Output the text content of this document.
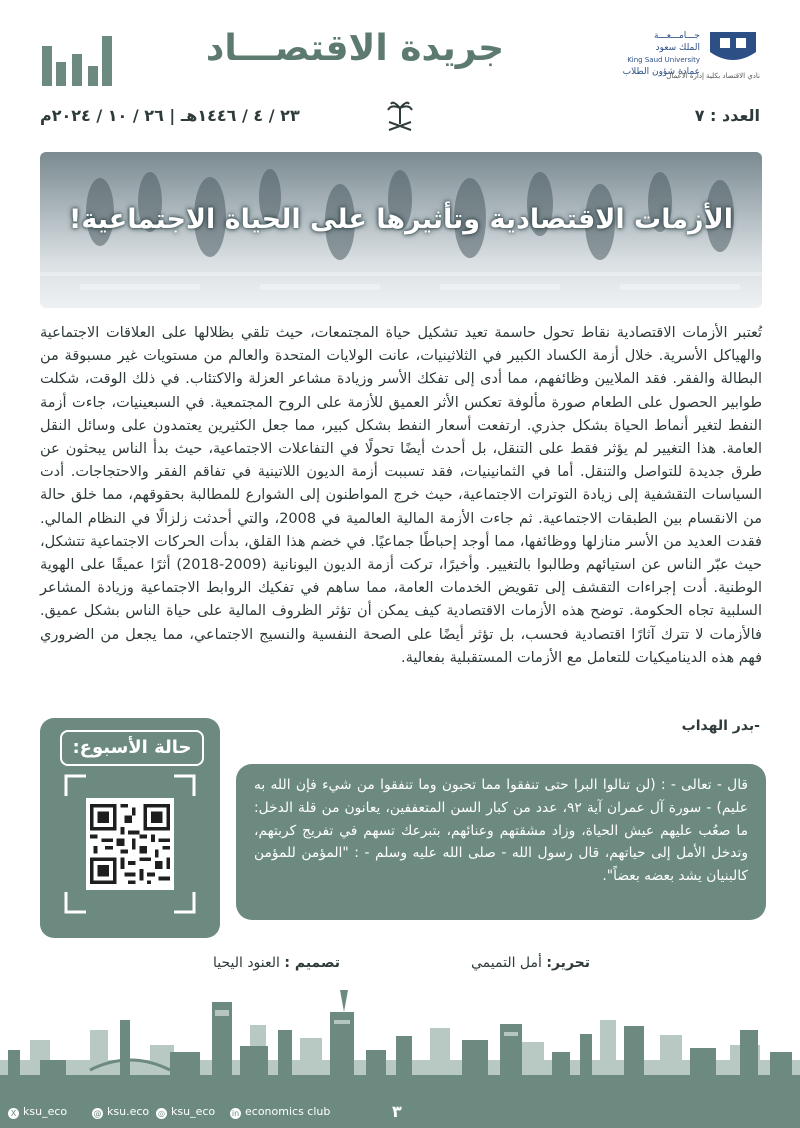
جريدة الاقتصـــاد	جـــامـــعـــة
الملك سعود
King Saud University
عمادة شؤون الطلاب
نادي الاقتصاد بكلية إدارة الأعمال
العدد : ٧
٢٣ / ٤ / ١٤٤٦هـ | ٢٦ / ١٠ / ٢٠٢٤م
الأزمات الاقتصادية وتأثيرها على الحياة الاجتماعية!
تُعتبر الأزمات الاقتصادية نقاط تحول حاسمة تعيد تشكيل حياة المجتمعات، حيث تلقي بظلالها على العلاقات الاجتماعية والهياكل الأسرية. خلال أزمة الكساد الكبير في الثلاثينيات، عانت الولايات المتحدة والعالم من مستويات غير مسبوقة من البطالة والفقر. فقد الملايين وظائفهم، مما أدى إلى تفكك الأسر وزيادة مشاعر العزلة والاكتئاب. في ذلك الوقت، شكلت طوابير الحصول على الطعام صورة مألوفة تعكس الأثر العميق للأزمة على الروح المجتمعية. في السبعينيات، جاءت أزمة النفط لتغير أنماط الحياة بشكل جذري. ارتفعت أسعار النفط بشكل كبير، مما جعل الكثيرين يعتمدون على وسائل النقل العامة. هذا التغيير لم يؤثر فقط على التنقل، بل أحدث أيضًا تحولًا في التفاعلات الاجتماعية، حيث بدأ الناس يبحثون عن طرق جديدة للتواصل والتنقل. أما في الثمانينيات، فقد تسببت أزمة الديون اللاتينية في تفاقم الفقر والاحتجاجات. أدت السياسات التقشفية إلى زيادة التوترات الاجتماعية، حيث خرج المواطنون إلى الشوارع للمطالبة بحقوقهم، مما خلق حالة من الانقسام بين الطبقات الاجتماعية. ثم جاءت الأزمة المالية العالمية في 2008، والتي أحدثت زلزالًا في النظام المالي. فقدت العديد من الأسر منازلها ووظائفها، مما أوجد إحباطًا جماعيًا. في خضم هذا القلق، بدأت الحركات الاجتماعية تتشكل، حيث عبّر الناس عن استيائهم وطالبوا بالتغيير. وأخيرًا، تركت أزمة الديون اليونانية (2009-2018) أثرًا عميقًا على الهوية الوطنية. أدت إجراءات التقشف إلى تقويض الخدمات العامة، مما ساهم في تفكيك الروابط الاجتماعية وزيادة المشاعر السلبية تجاه الحكومة. توضح هذه الأزمات الاقتصادية كيف يمكن أن تؤثر الظروف المالية على حياة الناس بشكل عميق. فالأزمات لا تترك آثارًا اقتصادية فحسب، بل تؤثر أيضًا على الصحة النفسية والنسيج الاجتماعي، مما يجعل من الضروري فهم هذه الديناميكيات للتعامل مع الأزمات المستقبلية بفعالية.
-بدر الهداب
حالة الأسبوع:
قال - تعالى - : (لن تنالوا البرا حتى تنفقوا مما تحبون وما تنفقوا من شيء فإن الله به عليم) - سورة آل عمران آية ٩٢، عدد من كبار السن المتعففين، يعانون من قلة الدخل: ما صعُب عليهم عيش الحياة، وزاد مشقتهم وعنائهم، بتبرعك تسهم في تفريج كربتهم، وتدخل الأمل إلى حياتهم، قال رسول الله - صلى الله عليه وسلم - : "المؤمن للمؤمن كالبنيان يشد بعضه بعضاً".
تحرير: أمل التميمي
تصميم : العنود اليحيا
X ksu_eco	@ ksu.eco ◎ ksu_eco in economics club	٣
